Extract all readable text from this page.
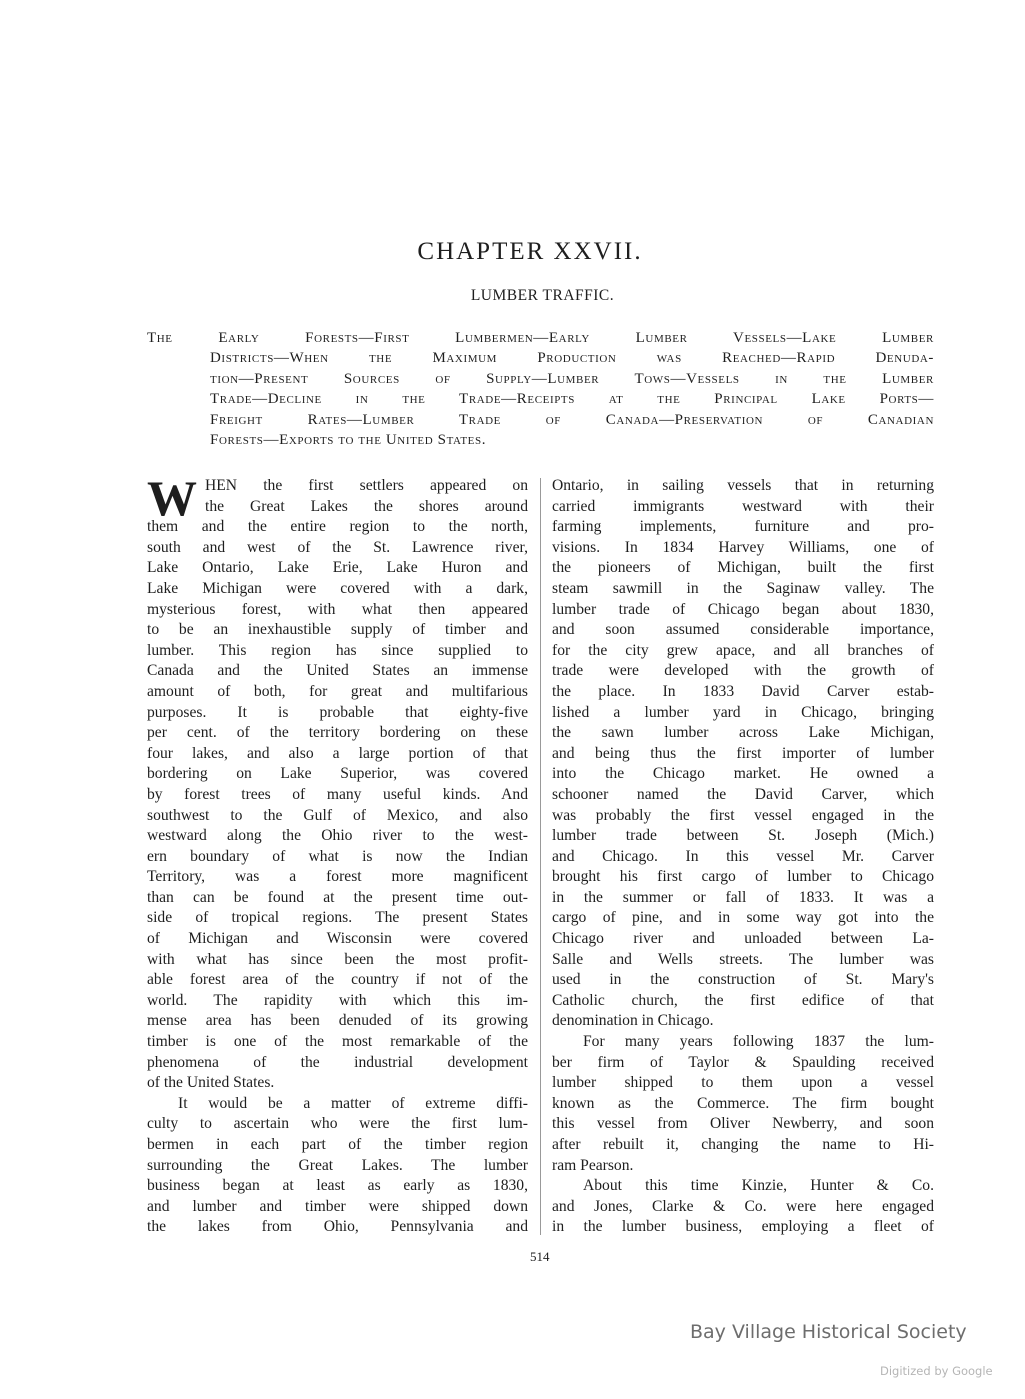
CHAPTER XXVII.
LUMBER TRAFFIC.
The Early Forests—First Lumbermen—Early Lumber Vessels—Lake Lumber
Districts—When the Maximum Production was Reached—Rapid Denuda-
tion—Present Sources of Supply—Lumber Tows—Vessels in the Lumber
Trade—Decline in the Trade—Receipts at the Principal Lake Ports—
Freight Rates—Lumber Trade of Canada—Preservation of Canadian
Forests—Exports to the United States.
W HEN the first settlers appeared on
the Great Lakes the shores around
them and the entire region to the north,
south and west of the St. Lawrence river,
Lake Ontario, Lake Erie, Lake Huron and
Lake Michigan were covered with a dark,
mysterious forest, with what then appeared
to be an inexhaustible supply of timber and
lumber. This region has since supplied to
Canada and the United States an immense
amount of both, for great and multifarious
purposes. It is probable that eighty-five
per cent. of the territory bordering on these
four lakes, and also a large portion of that
bordering on Lake Superior, was covered
by forest trees of many useful kinds. And
southwest to the Gulf of Mexico, and also
westward along the Ohio river to the west-
ern boundary of what is now the Indian
Territory, was a forest more magnificent
than can be found at the present time out-
side of tropical regions. The present States
of Michigan and Wisconsin were covered
with what has since been the most profit-
able forest area of the country if not of the
world. The rapidity with which this im-
mense area has been denuded of its growing
timber is one of the most remarkable of the
phenomena of the industrial development
of the United States.
It would be a matter of extreme diffi-
culty to ascertain who were the first lum-
bermen in each part of the timber region
surrounding the Great Lakes. The lumber
business began at least as early as 1830,
and lumber and timber were shipped down
the lakes from Ohio, Pennsylvania and
Ontario, in sailing vessels that in returning
carried immigrants westward with their
farming implements, furniture and pro-
visions. In 1834 Harvey Williams, one of
the pioneers of Michigan, built the first
steam sawmill in the Saginaw valley. The
lumber trade of Chicago began about 1830,
and soon assumed considerable importance,
for the city grew apace, and all branches of
trade were developed with the growth of
the place. In 1833 David Carver estab-
lished a lumber yard in Chicago, bringing
the sawn lumber across Lake Michigan,
and being thus the first importer of lumber
into the Chicago market. He owned a
schooner named the David Carver, which
was probably the first vessel engaged in the
lumber trade between St. Joseph (Mich.)
and Chicago. In this vessel Mr. Carver
brought his first cargo of lumber to Chicago
in the summer or fall of 1833. It was a
cargo of pine, and in some way got into the
Chicago river and unloaded between La-
Salle and Wells streets. The lumber was
used in the construction of St. Mary's
Catholic church, the first edifice of that
denomination in Chicago.
For many years following 1837 the lum-
ber firm of Taylor & Spaulding received
lumber shipped to them upon a vessel
known as the Commerce. The firm bought
this vessel from Oliver Newberry, and soon
after rebuilt it, changing the name to Hi-
ram Pearson.
About this time Kinzie, Hunter & Co.
and Jones, Clarke & Co. were here engaged
in the lumber business, employing a fleet of
514
Bay Village Historical Society
Digitized by Google
